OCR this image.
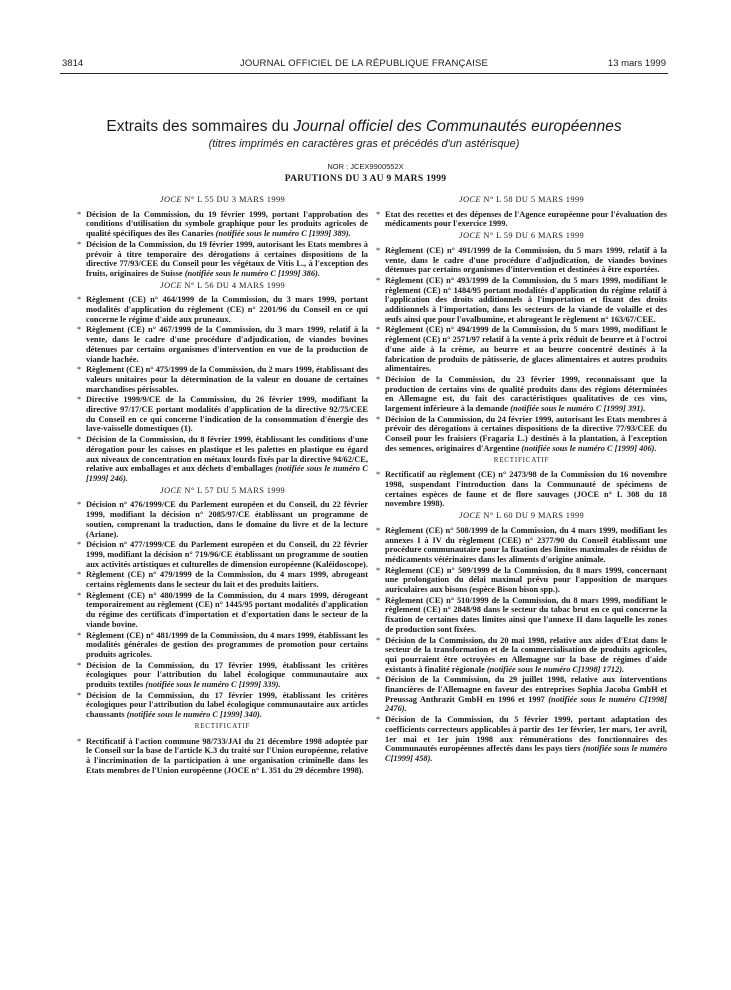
3814	JOURNAL OFFICIEL DE LA RÉPUBLIQUE FRANÇAISE	13 mars 1999
Extraits des sommaires du Journal officiel des Communautés européennes
(titres imprimés en caractères gras et précédés d'un astérisque)
NOR : JCEX9900552X
PARUTIONS DU 3 AU 9 MARS 1999
JOCE N° L 55 DU 3 MARS 1999
* Décision de la Commission, du 19 février 1999, portant l'approbation des conditions d'utilisation du symbole graphique pour les produits agricoles de qualité spécifiques des îles Canaries (notifiée sous le numéro C [1999] 389).
* Décision de la Commission, du 19 février 1999, autorisant les Etats membres à prévoir à titre temporaire des dérogations à certaines dispositions de la directive 77/93/CEE du Conseil pour les végétaux de Vitis L., à l'exception des fruits, originaires de Suisse (notifiée sous le numéro C [1999] 386).
JOCE N° L 56 DU 4 MARS 1999
* Règlement (CE) n° 464/1999 de la Commission, du 3 mars 1999, portant modalités d'application du règlement (CE) n° 2201/96 du Conseil en ce qui concerne le régime d'aide aux pruneaux.
* Règlement (CE) n° 467/1999 de la Commission, du 3 mars 1999, relatif à la vente, dans le cadre d'une procédure d'adjudication, de viandes bovines détenues par certains organismes d'intervention en vue de la production de viande hachée.
* Règlement (CE) n° 475/1999 de la Commission, du 2 mars 1999, établissant des valeurs unitaires pour la détermination de la valeur en douane de certaines marchandises périssables.
* Directive 1999/9/CE de la Commission, du 26 février 1999, modifiant la directive 97/17/CE portant modalités d'application de la directive 92/75/CEE du Conseil en ce qui concerne l'indication de la consommation d'énergie des lave-vaisselle domestiques (1).
* Décision de la Commission, du 8 février 1999, établissant les conditions d'une dérogation pour les caisses en plastique et les palettes en plastique eu égard aux niveaux de concentration en métaux lourds fixés par la directive 94/62/CE, relative aux emballages et aux déchets d'emballages (notifiée sous le numéro C [1999] 246).
JOCE N° L 57 DU 5 MARS 1999
* Décision n° 476/1999/CE du Parlement européen et du Conseil, du 22 février 1999, modifiant la décision n° 2085/97/CE établissant un programme de soutien, comprenant la traduction, dans le domaine du livre et de la lecture (Ariane).
* Décision n° 477/1999/CE du Parlement européen et du Conseil, du 22 février 1999, modifiant la décision n° 719/96/CE établissant un programme de soutien aux activités artistiques et culturelles de dimension européenne (Kaléidoscope).
* Règlement (CE) n° 479/1999 de la Commission, du 4 mars 1999, abrogeant certains règlements dans le secteur du lait et des produits laitiers.
* Règlement (CE) n° 480/1999 de la Commission, du 4 mars 1999, dérogeant temporairement au règlement (CE) n° 1445/95 portant modalités d'application du régime des certificats d'importation et d'exportation dans le secteur de la viande bovine.
* Règlement (CE) n° 481/1999 de la Commission, du 4 mars 1999, établissant les modalités générales de gestion des programmes de promotion pour certains produits agricoles.
* Décision de la Commission, du 17 février 1999, établissant les critères écologiques pour l'attribution du label écologique communautaire aux produits textiles (notifiée sous le numéro C [1999] 339).
* Décision de la Commission, du 17 février 1999, établissant les critères écologiques pour l'attribution du label écologique communautaire aux articles chaussants (notifiée sous le numéro C [1999] 340).
RECTIFICATIF
* Rectificatif à l'action commune 98/733/JAI du 21 décembre 1998 adoptée par le Conseil sur la base de l'article K.3 du traité sur l'Union européenne, relative à l'incrimination de la participation à une organisation criminelle dans les Etats membres de l'Union européenne (JOCE n° L 351 du 29 décembre 1998).
JOCE N° L 58 DU 5 MARS 1999
* Etat des recettes et des dépenses de l'Agence européenne pour l'évaluation des médicaments pour l'exercice 1999.
JOCE N° L 59 DU 6 MARS 1999
* Règlement (CE) n° 491/1999 de la Commission, du 5 mars 1999, relatif à la vente, dans le cadre d'une procédure d'adjudication, de viandes bovines détenues par certains organismes d'intervention et destinées à être exportées.
* Règlement (CE) n° 493/1999 de la Commission, du 5 mars 1999, modifiant le règlement (CE) n° 1484/95 portant modalités d'application du régime relatif à l'application des droits additionnels à l'importation et fixant des droits additionnels à l'importation, dans les secteurs de la viande de volaille et des œufs ainsi que pour l'ovalbumine, et abrogeant le règlement n° 163/67/CEE.
* Règlement (CE) n° 494/1999 de la Commission, du 5 mars 1999, modifiant le règlement (CE) n° 2571/97 relatif à la vente à prix réduit de beurre et à l'octroi d'une aide à la crème, au beurre et au beurre concentré destinés à la fabrication de produits de pâtisserie, de glaces alimentaires et autres produits alimentaires.
* Décision de la Commission, du 23 février 1999, reconnaissant que la production de certains vins de qualité produits dans des régions déterminées en Allemagne est, du fait des caractéristiques qualitatives de ces vins, largement inférieure à la demande (notifiée sous le numéro C [1999] 391).
* Décision de la Commission, du 24 février 1999, autorisant les Etats membres à prévoir des dérogations à certaines dispositions de la directive 77/93/CEE du Conseil pour les fraisiers (Fragaria L.) destinés à la plantation, à l'exception des semences, originaires d'Argentine (notifiée sous le numéro C [1999] 406).
RECTIFICATIF
* Rectificatif au règlement (CE) n° 2473/98 de la Commission du 16 novembre 1998, suspendant l'introduction dans la Communauté de spécimens de certaines espèces de faune et de flore sauvages (JOCE n° L 308 du 18 novembre 1998).
JOCE N° L 60 DU 9 MARS 1999
* Règlement (CE) n° 508/1999 de la Commission, du 4 mars 1999, modifiant les annexes I à IV du règlement (CEE) n° 2377/90 du Conseil établissant une procédure communautaire pour la fixation des limites maximales de résidus de médicaments vétérinaires dans les aliments d'origine animale.
* Règlement (CE) n° 509/1999 de la Commission, du 8 mars 1999, concernant une prolongation du délai maximal prévu pour l'apposition de marques auriculaires aux bisons (espèce Bison bison spp.).
* Règlement (CE) n° 510/1999 de la Commission, du 8 mars 1999, modifiant le règlement (CE) n° 2848/98 dans le secteur du tabac brut en ce qui concerne la fixation de certaines dates limites ainsi que l'annexe II dans laquelle les zones de production sont fixées.
* Décision de la Commission, du 20 mai 1998, relative aux aides d'Etat dans le secteur de la transformation et de la commercialisation de produits agricoles, qui pourraient être octroyées en Allemagne sur la base de régimes d'aide existants à finalité régionale (notifiée sous le numéro C[1998] 1712).
* Décision de la Commission, du 29 juillet 1998, relative aux interventions financières de l'Allemagne en faveur des entreprises Sophia Jacoba GmbH et Preussag Anthrazit GmbH en 1996 et 1997 (notifiée sous le numéro C[1998] 2476).
* Décision de la Commission, du 5 février 1999, portant adaptation des coefficients correcteurs applicables à partir des 1er février, 1er mars, 1er avril, 1er mai et 1er juin 1998 aux rémunérations des fonctionnaires des Communautés européennes affectés dans les pays tiers (notifiée sous le numéro C[1999] 458).
